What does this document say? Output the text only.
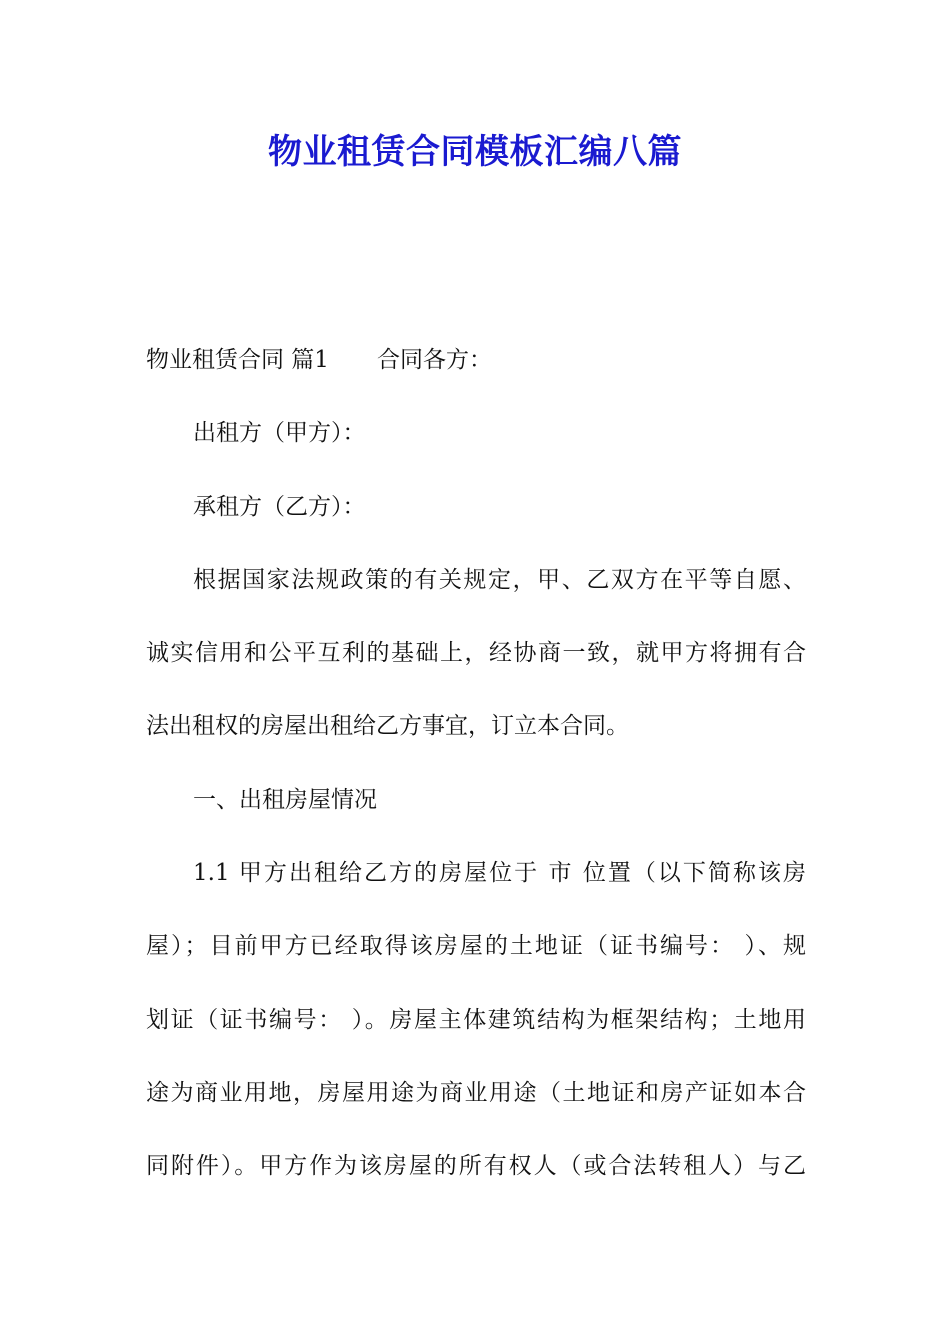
物业租赁合同模板汇编八篇

物业租赁合同 篇1 合同各方：

出租方（甲方）：

承租方（乙方）：

根据国家法规政策的有关规定，甲、乙双方在平等自愿、

诚实信用和公平互利的基础上，经协商一致，就甲方将拥有合

法出租权的房屋出租给乙方事宜，订立本合同。

一、出租房屋情况

1.1 甲方出租给乙方的房屋位于 市 位置（以下简称该房

屋）；目前甲方已经取得该房屋的土地证（证书编号： ）、规

划证（证书编号： ）。房屋主体建筑结构为框架结构；土地用

途为商业用地，房屋用途为商业用途（土地证和房产证如本合

同附件）。甲方作为该房屋的所有权人（或合法转租人）与乙
